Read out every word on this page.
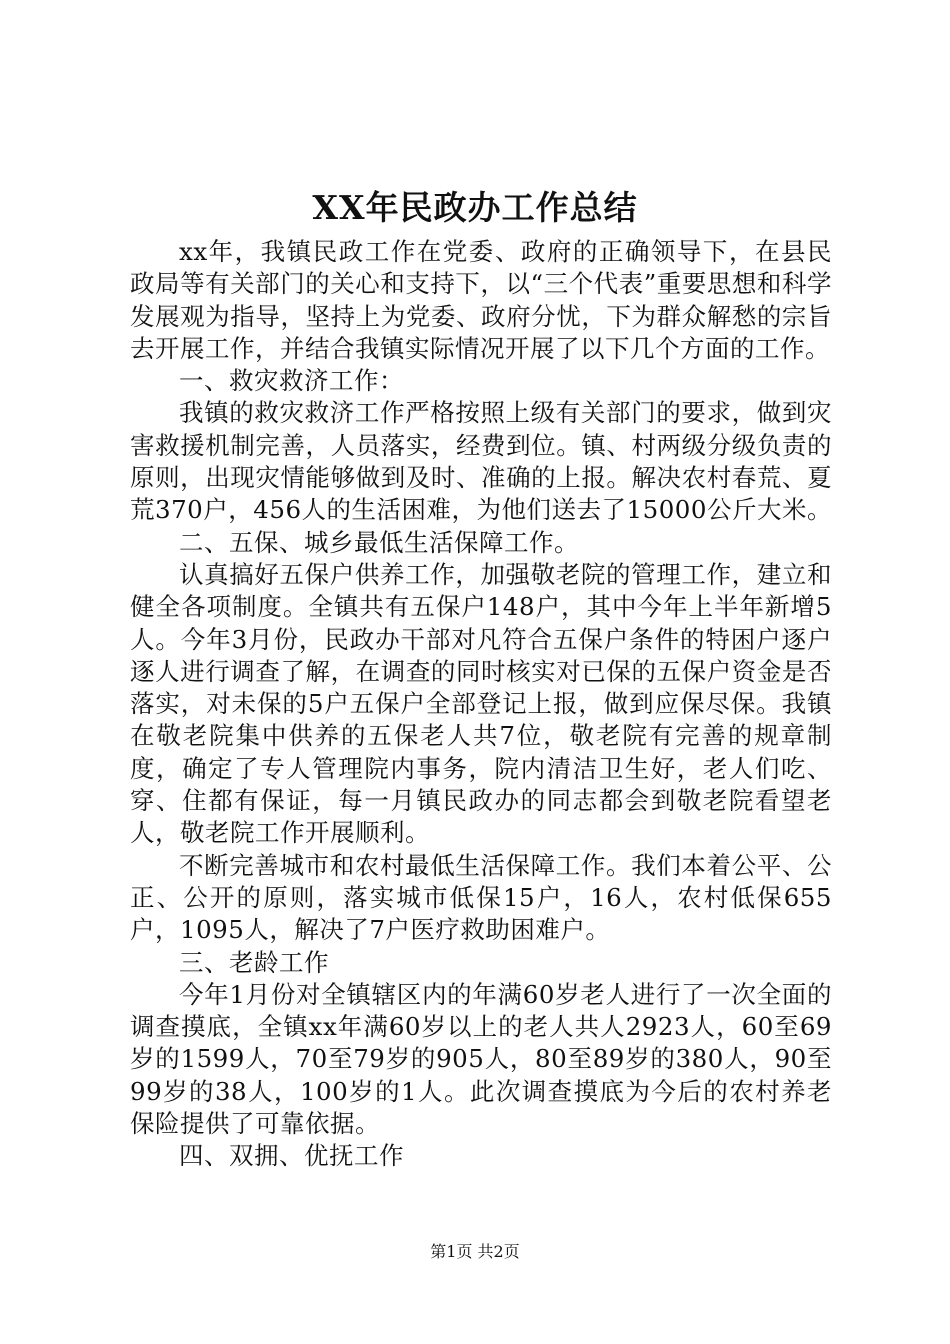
XX年民政办工作总结

xx年，我镇民政工作在党委、政府的正确领导下，在县民政局等有关部门的关心和支持下，以“三个代表”重要思想和科学发展观为指导，坚持上为党委、政府分忧，下为群众解愁的宗旨去开展工作，并结合我镇实际情况开展了以下几个方面的工作。

一、救灾救济工作：

我镇的救灾救济工作严格按照上级有关部门的要求，做到灾害救援机制完善，人员落实，经费到位。镇、村两级分级负责的原则，出现灾情能够做到及时、准确的上报。解决农村春荒、夏荒370户，456人的生活困难，为他们送去了15000公斤大米。

二、五保、城乡最低生活保障工作。

认真搞好五保户供养工作，加强敬老院的管理工作，建立和健全各项制度。全镇共有五保户148户，其中今年上半年新增5人。今年3月份，民政办干部对凡符合五保户条件的特困户逐户逐人进行调查了解，在调查的同时核实对已保的五保户资金是否落实，对未保的5户五保户全部登记上报，做到应保尽保。我镇在敬老院集中供养的五保老人共7位，敬老院有完善的规章制度，确定了专人管理院内事务，院内清洁卫生好，老人们吃、穿、住都有保证，每一月镇民政办的同志都会到敬老院看望老人，敬老院工作开展顺利。

不断完善城市和农村最低生活保障工作。我们本着公平、公正、公开的原则，落实城市低保15户，16人，农村低保655户，1095人，解决了7户医疗救助困难户。

三、老龄工作

今年1月份对全镇辖区内的年满60岁老人进行了一次全面的调查摸底，全镇xx年满60岁以上的老人共人2923人，60至69岁的1599人，70至79岁的905人，80至89岁的380人，90至99岁的38人，100岁的1人。此次调查摸底为今后的农村养老保险提供了可靠依据。

四、双拥、优抚工作

第1页 共2页
